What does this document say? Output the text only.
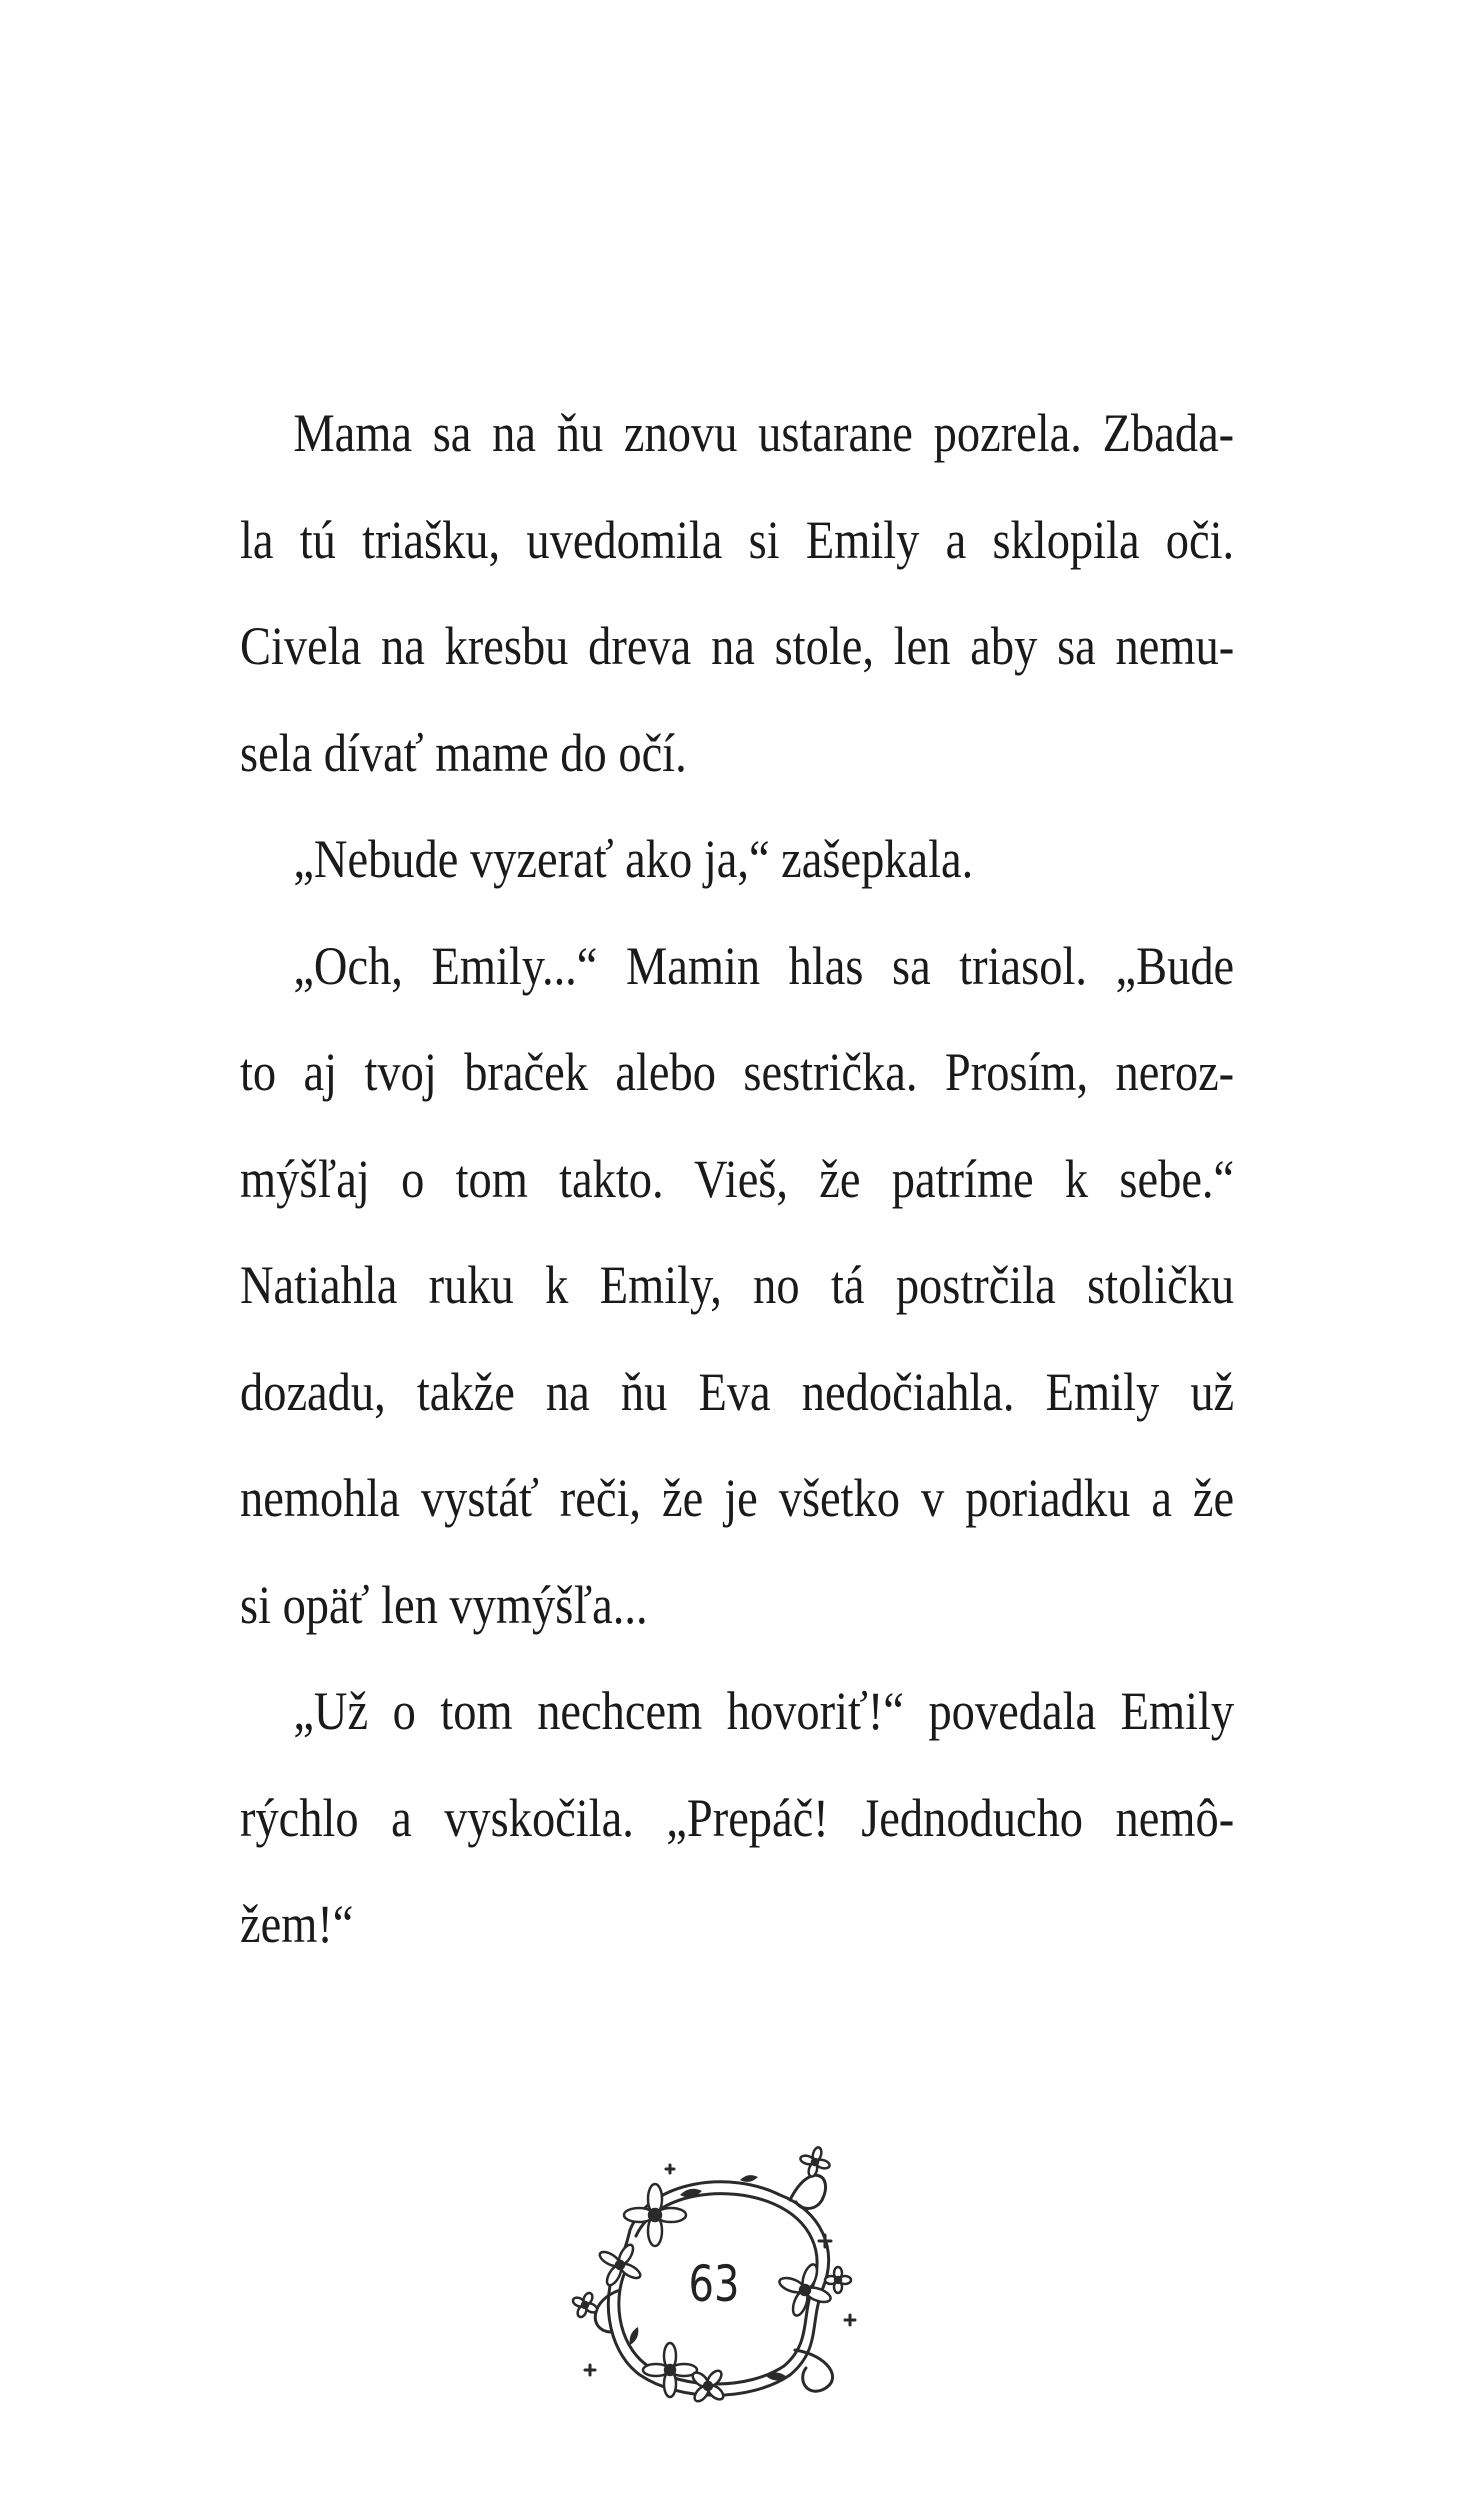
Mama sa na ňu znovu ustarane pozrela. Zbada-
la tú triašku, uvedomila si Emily a sklopila oči.
Civela na kresbu dreva na stole, len aby sa nemu-
sela dívať mame do očí.
„Nebude vyzerať ako ja,“ zašepkala.
„Och, Emily...“ Mamin hlas sa triasol. „Bude
to aj tvoj braček alebo sestrička. Prosím, neroz-
mýšľaj o tom takto. Vieš, že patríme k sebe.“
Natiahla ruku k Emily, no tá postrčila stoličku
dozadu, takže na ňu Eva nedočiahla. Emily už
nemohla vystáť reči, že je všetko v poriadku a že
si opäť len vymýšľa...
„Už o tom nechcem hovoriť!“ povedala Emily
rýchlo a vyskočila. „Prepáč! Jednoducho nemô-
žem!“
63
